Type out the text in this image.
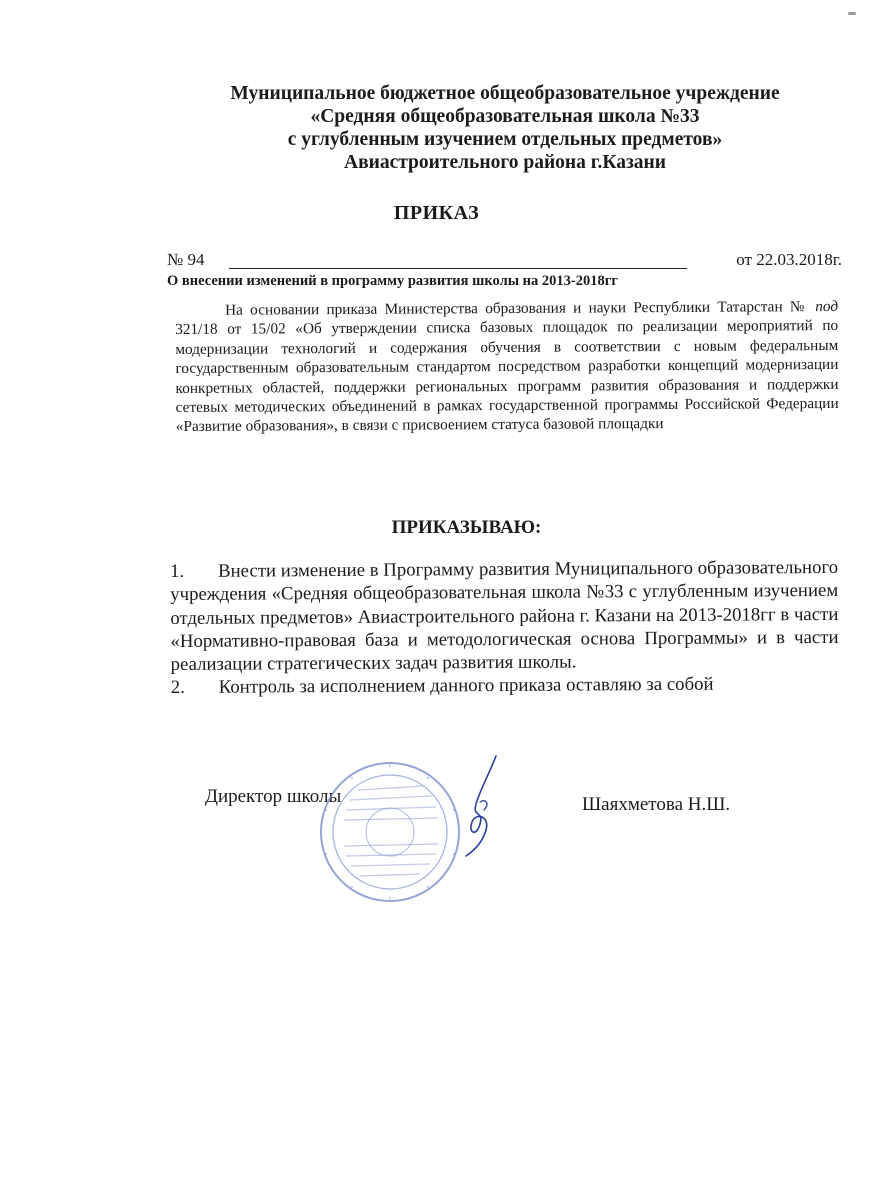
Муниципальное бюджетное общеобразовательное учреждение
«Средняя общеобразовательная школа №33
с углубленным изучением отдельных предметов»
Авиастроительного района г.Казани
ПРИКАЗ
№ 94	от 22.03.2018г.
О внесении изменений в программу развития школы на 2013-2018гг
На основании приказа Министерства образования и науки Республики Татарстан № под 321/18 от 15/02 «Об утверждении списка базовых площадок по реализации мероприятий по модернизации технологий и содержания обучения в соответствии с новым федеральным государственным образовательным стандартом посредством разработки концепций модернизации конкретных областей, поддержки региональных программ развития образования и поддержки сетевых методических объединений в рамках государственной программы Российской Федерации «Развитие образования», в связи с присвоением статуса базовой площадки
ПРИКАЗЫВАЮ:
1. Внести изменение в Программу развития Муниципального образовательного учреждения «Средняя общеобразовательная школа №33 с углубленным изучением отдельных предметов» Авиастроительного района г. Казани на 2013-2018гг в части «Нормативно-правовая база и методологическая основа Программы» и в части реализации стратегических задач развития школы.
2. Контроль за исполнением данного приказа оставляю за собой
Директор школы	Шаяхметова Н.Ш.
